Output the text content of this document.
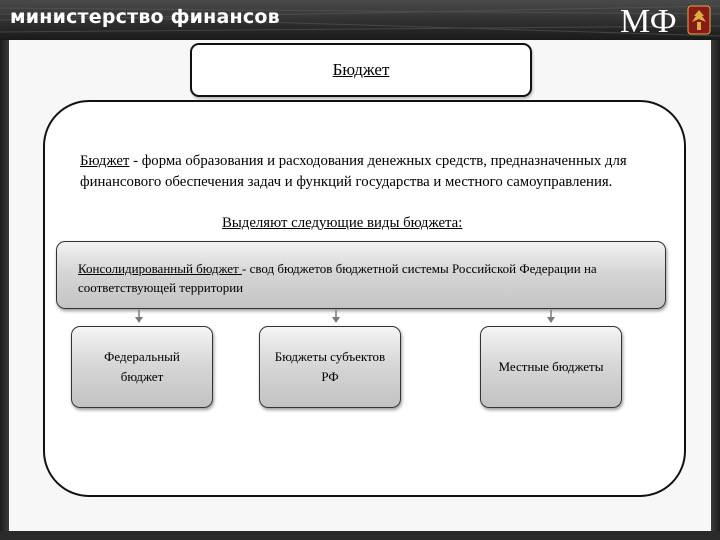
министерство финансов	МФ
Бюджет
Бюджет - форма образования и расходования денежных средств, предназначенных для финансового обеспечения задач и функций государства и местного самоуправления.
Выделяют следующие виды бюджета:
Консолидированный бюджет - свод бюджетов бюджетной системы Российской Федерации на соответствующей территории
Федеральный бюджет
Бюджеты субъектов РФ
Местные бюджеты
